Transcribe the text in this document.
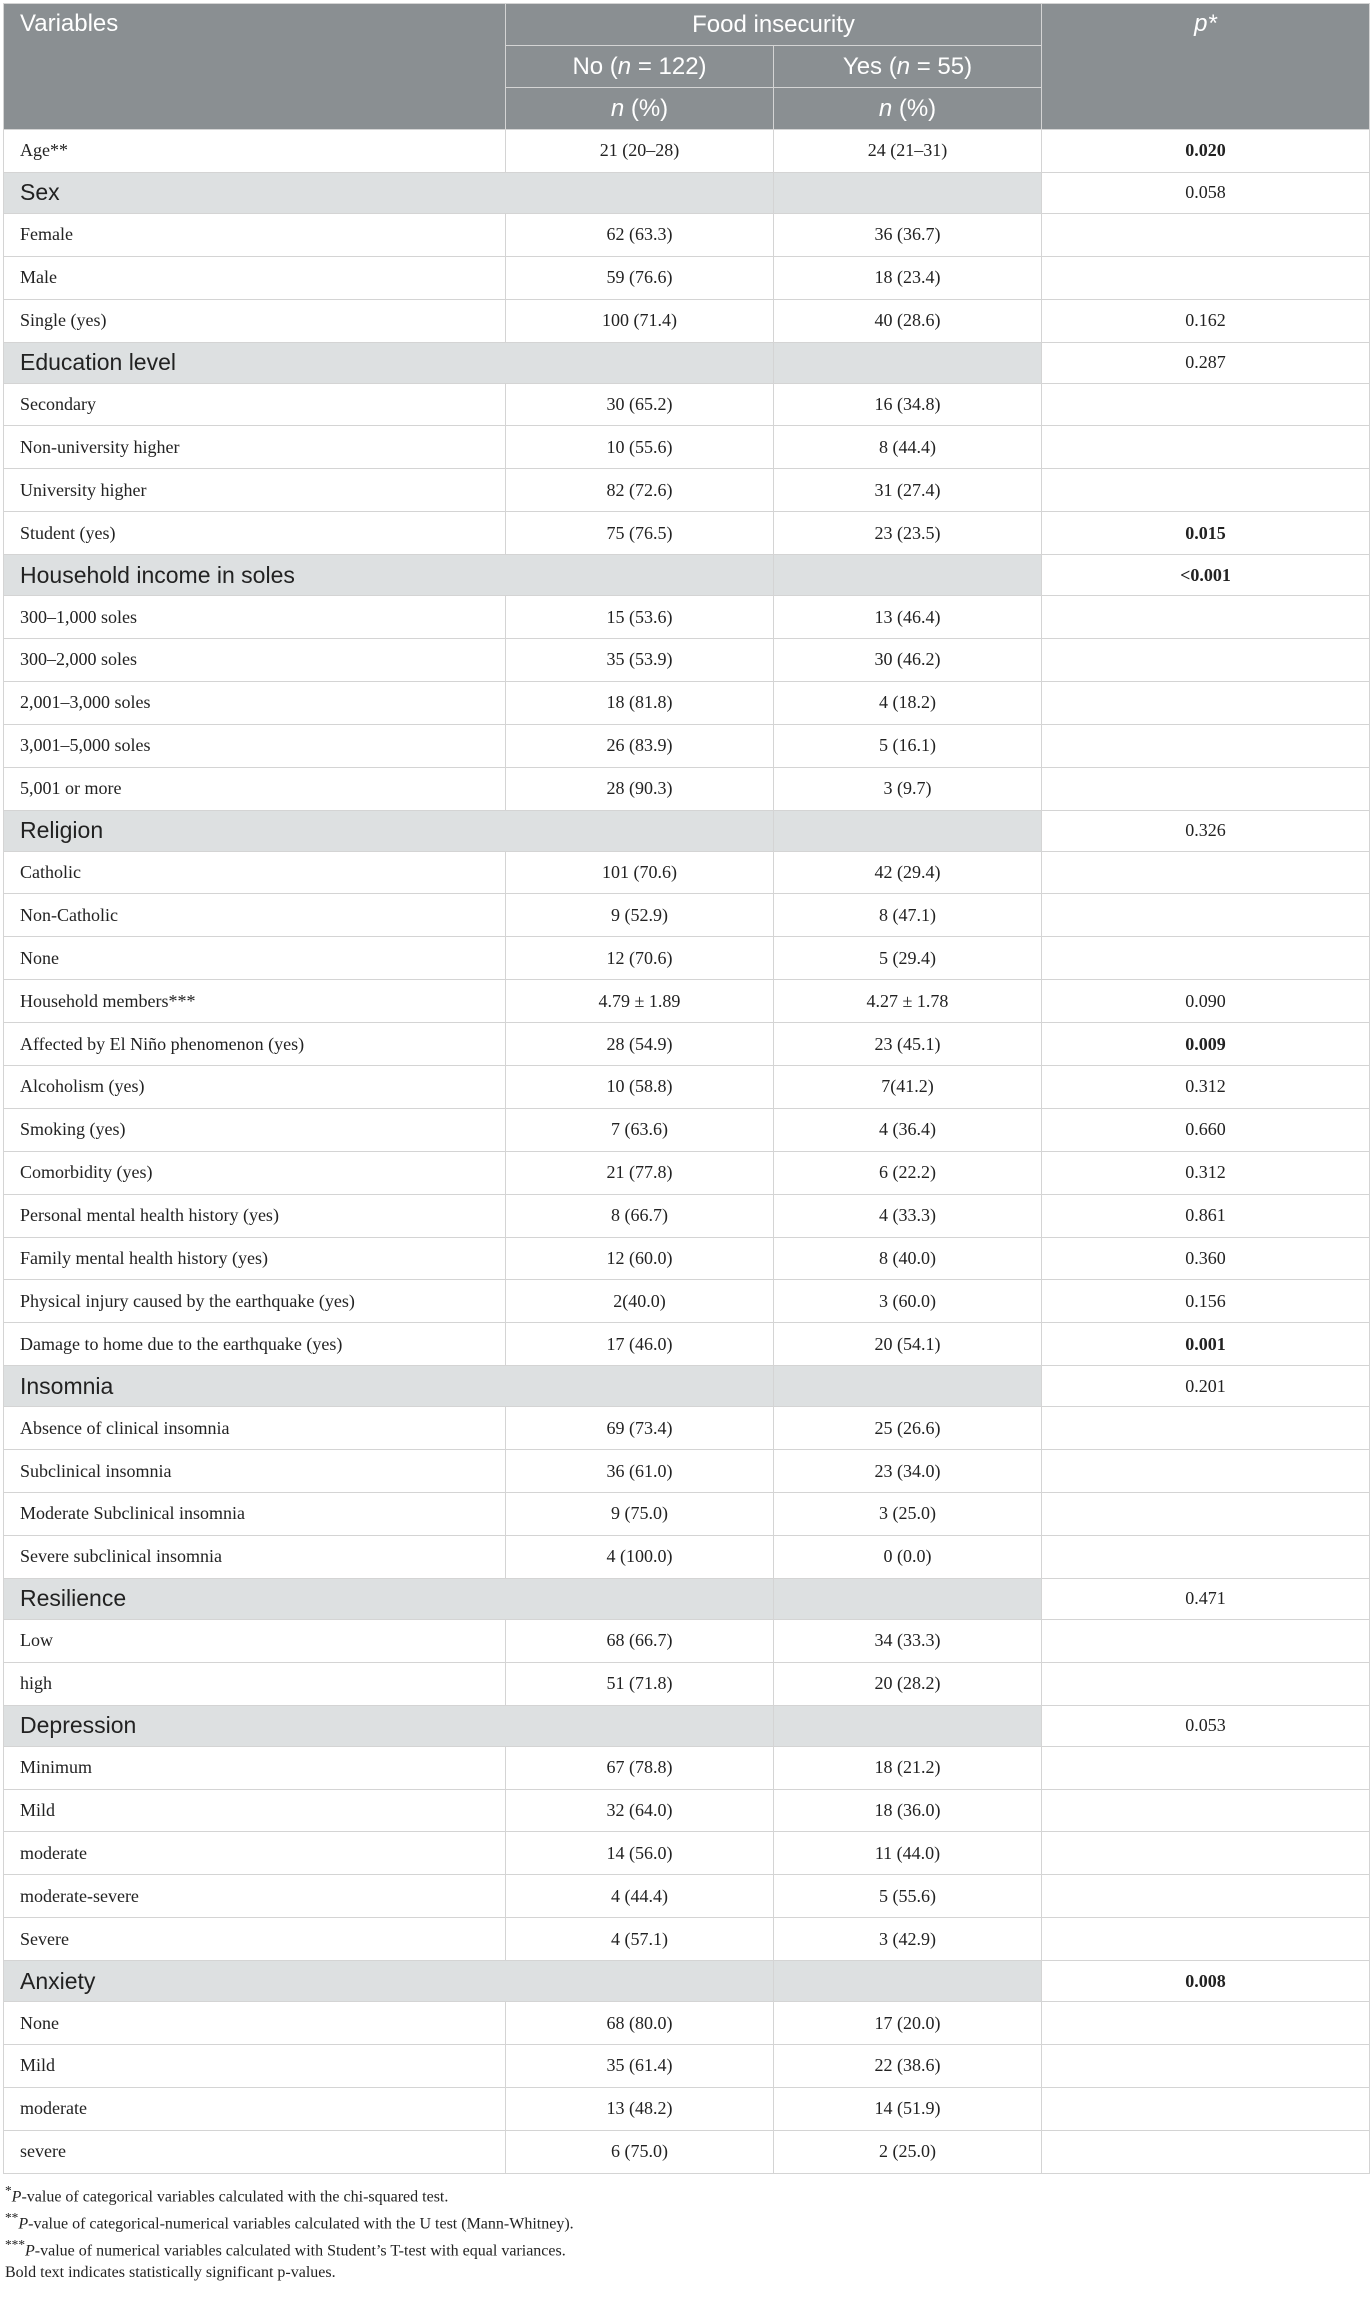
Variables	Food insecurity		p*
	No (n = 122)	Yes (n = 55)	
	n (%)	n (%)	
Age**	21 (20–28)	24 (21–31)	0.020
Sex			0.058
Female	62 (63.3)	36 (36.7)	
Male	59 (76.6)	18 (23.4)	
Single (yes)	100 (71.4)	40 (28.6)	0.162
Education level			0.287
Secondary	30 (65.2)	16 (34.8)	
Non-university higher	10 (55.6)	8 (44.4)	
University higher	82 (72.6)	31 (27.4)	
Student (yes)	75 (76.5)	23 (23.5)	0.015
Household income in soles			<0.001
300–1,000 soles	15 (53.6)	13 (46.4)	
300–2,000 soles	35 (53.9)	30 (46.2)	
2,001–3,000 soles	18 (81.8)	4 (18.2)	
3,001–5,000 soles	26 (83.9)	5 (16.1)	
5,001 or more	28 (90.3)	3 (9.7)	
Religion			0.326
Catholic	101 (70.6)	42 (29.4)	
Non-Catholic	9 (52.9)	8 (47.1)	
None	12 (70.6)	5 (29.4)	
Household members***	4.79 ± 1.89	4.27 ± 1.78	0.090
Affected by El Niño phenomenon (yes)	28 (54.9)	23 (45.1)	0.009
Alcoholism (yes)	10 (58.8)	7(41.2)	0.312
Smoking (yes)	7 (63.6)	4 (36.4)	0.660
Comorbidity (yes)	21 (77.8)	6 (22.2)	0.312
Personal mental health history (yes)	8 (66.7)	4 (33.3)	0.861
Family mental health history (yes)	12 (60.0)	8 (40.0)	0.360
Physical injury caused by the earthquake (yes)	2(40.0)	3 (60.0)	0.156
Damage to home due to the earthquake (yes)	17 (46.0)	20 (54.1)	0.001
Insomnia			0.201
Absence of clinical insomnia	69 (73.4)	25 (26.6)	
Subclinical insomnia	36 (61.0)	23 (34.0)	
Moderate Subclinical insomnia	9 (75.0)	3 (25.0)	
Severe subclinical insomnia	4 (100.0)	0 (0.0)	
Resilience			0.471
Low	68 (66.7)	34 (33.3)	
high	51 (71.8)	20 (28.2)	
Depression			0.053
Minimum	67 (78.8)	18 (21.2)	
Mild	32 (64.0)	18 (36.0)	
moderate	14 (56.0)	11 (44.0)	
moderate-severe	4 (44.4)	5 (55.6)	
Severe	4 (57.1)	3 (42.9)	
Anxiety			0.008
None	68 (80.0)	17 (20.0)	
Mild	35 (61.4)	22 (38.6)	
moderate	13 (48.2)	14 (51.9)	
severe	6 (75.0)	2 (25.0)	
*P-value of categorical variables calculated with the chi-squared test.
**P-value of categorical-numerical variables calculated with the U test (Mann-Whitney).
***P-value of numerical variables calculated with Student’s T-test with equal variances.
Bold text indicates statistically significant p-values.
